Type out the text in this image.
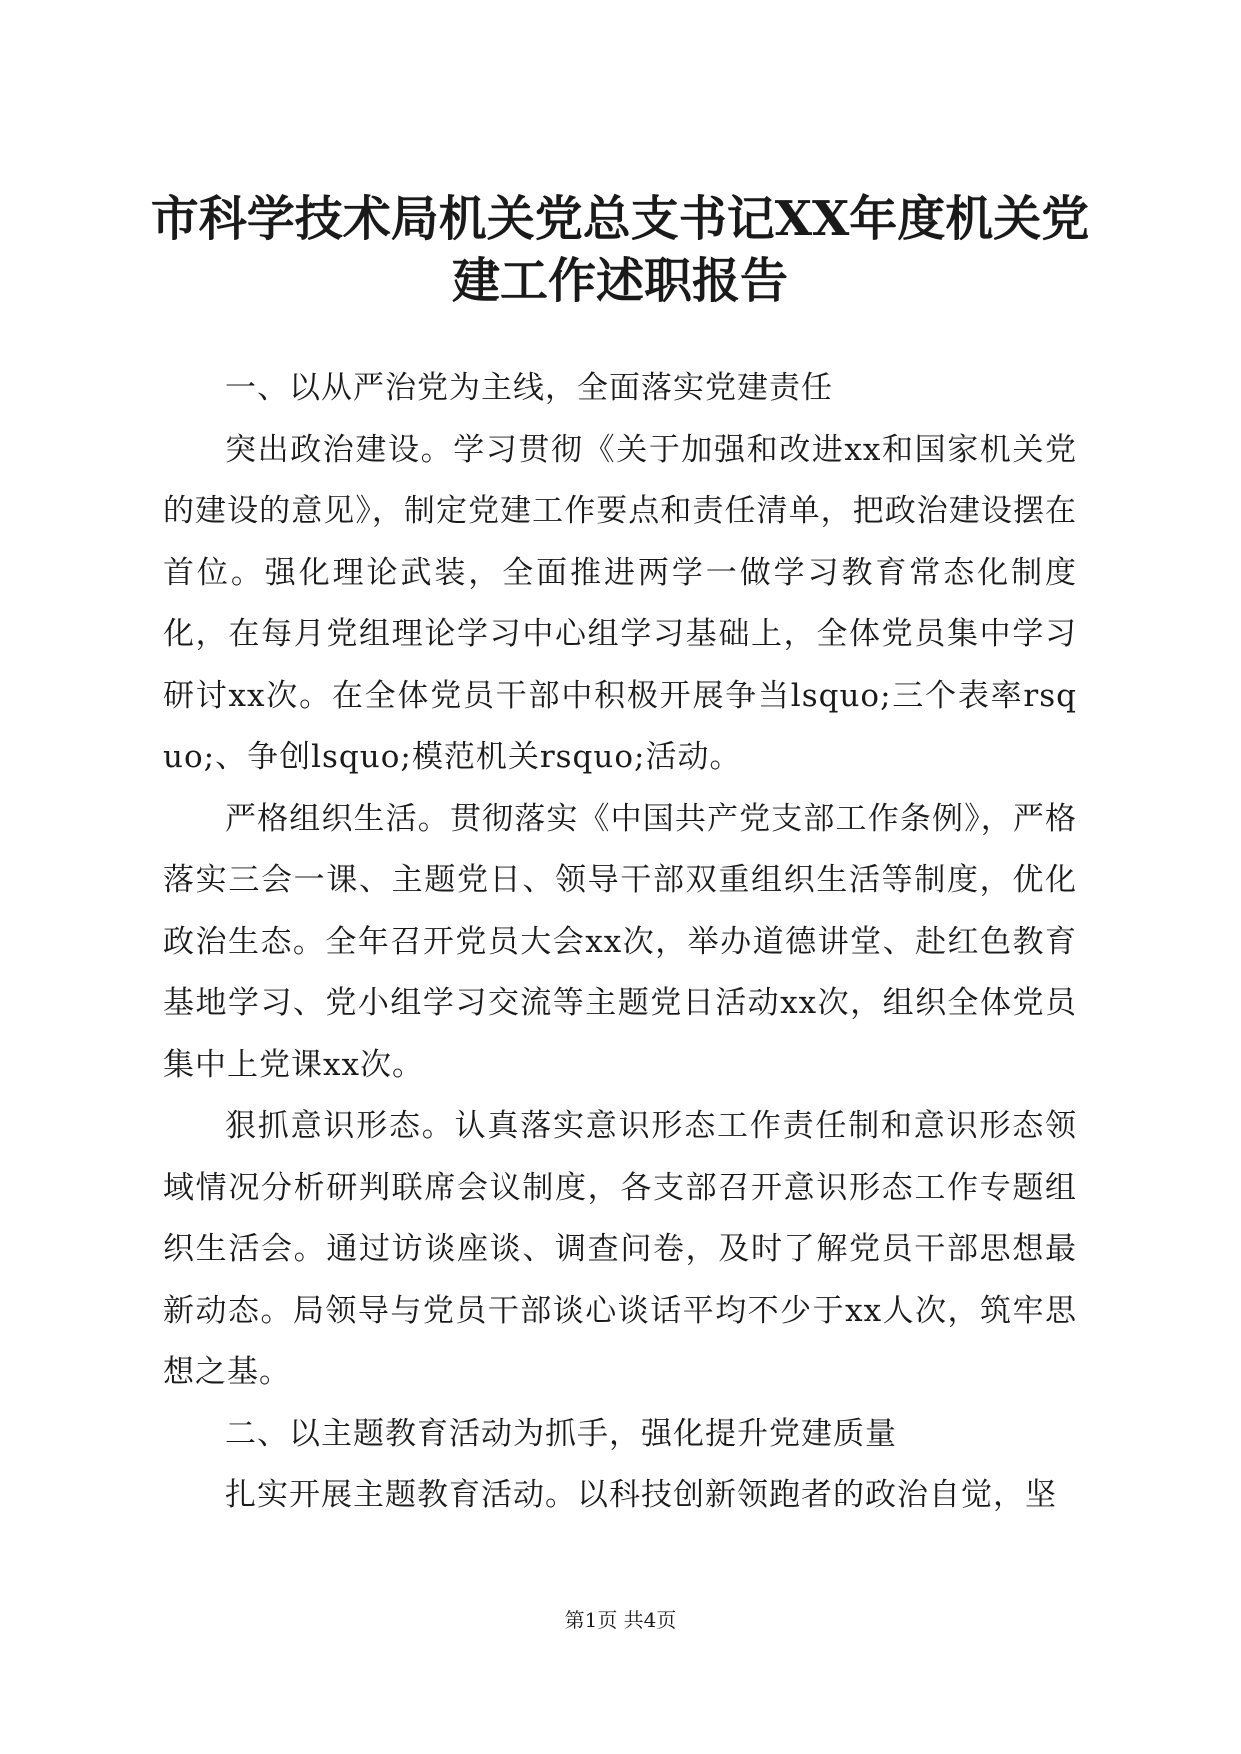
市科学技术局机关党总支书记XX年度机关党建工作述职报告

一、以从严治党为主线，全面落实党建责任

突出政治建设。学习贯彻《关于加强和改进xx和国家机关党的建设的意见》，制定党建工作要点和责任清单，把政治建设摆在首位。强化理论武装，全面推进两学一做学习教育常态化制度化，在每月党组理论学习中心组学习基础上，全体党员集中学习研讨xx次。在全体党员干部中积极开展争当lsquo;三个表率rsquo;、争创lsquo;模范机关rsquo;活动。

严格组织生活。贯彻落实《中国共产党支部工作条例》，严格落实三会一课、主题党日、领导干部双重组织生活等制度，优化政治生态。全年召开党员大会xx次，举办道德讲堂、赴红色教育基地学习、党小组学习交流等主题党日活动xx次，组织全体党员集中上党课xx次。

狠抓意识形态。认真落实意识形态工作责任制和意识形态领域情况分析研判联席会议制度，各支部召开意识形态工作专题组织生活会。通过访谈座谈、调查问卷，及时了解党员干部思想最新动态。局领导与党员干部谈心谈话平均不少于xx人次，筑牢思想之基。

二、以主题教育活动为抓手，强化提升党建质量

扎实开展主题教育活动。以科技创新领跑者的政治自觉，坚

第1页 共4页
